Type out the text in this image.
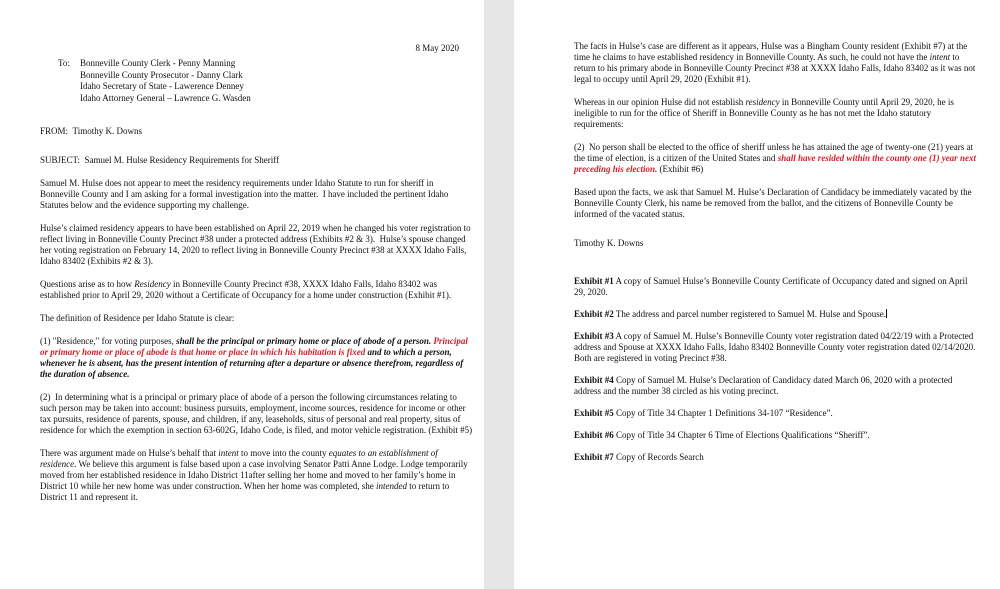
8 May 2020
To:	Bonneville County Clerk - Penny Manning
Bonneville County Prosecutor - Danny Clark
Idaho Secretary of State - Lawerence Denney
Idaho Attorney General – Lawrence G. Wasden
FROM:  Timothy K. Downs
SUBJECT:  Samuel M. Hulse Residency Requirements for Sheriff

Samuel M. Hulse does not appear to meet the residency requirements under Idaho Statute to run for sheriff in Bonneville County and I am asking for a formal investigation into the matter.  I have included the pertinent Idaho Statutes below and the evidence supporting my challenge.

Hulse’s claimed residency appears to have been established on April 22, 2019 when he changed his voter registration to reflect living in Bonneville County Precinct #38 under a protected address (Exhibits #2 & 3).  Hulse’s spouse changed her voting registration on February 14, 2020 to reflect living in Bonneville County Precinct #38 at XXXX Idaho Falls, Idaho 83402 (Exhibits #2 & 3).

Questions arise as to how Residency in Bonneville County Precinct #38, XXXX Idaho Falls, Idaho 83402 was established prior to April 29, 2020 without a Certificate of Occupancy for a home under construction (Exhibit #1).

The definition of Residence per Idaho Statute is clear:

(1) "Residence," for voting purposes, shall be the principal or primary home or place of abode of a person. Principal or primary home or place of abode is that home or place in which his habitation is fixed and to which a person, whenever he is absent, has the present intention of returning after a departure or absence therefrom, regardless of the duration of absence.

(2)  In determining what is a principal or primary place of abode of a person the following circumstances relating to such person may be taken into account: business pursuits, employment, income sources, residence for income or other tax pursuits, residence of parents, spouse, and children, if any, leaseholds, situs of personal and real property, situs of residence for which the exemption in section 63-602G, Idaho Code, is filed, and motor vehicle registration. (Exhibit #5)

There was argument made on Hulse’s behalf that intent to move into the county equates to an establishment of residence. We believe this argument is false based upon a case involving Senator Patti Anne Lodge. Lodge temporarily moved from her established residence in Idaho District 11after selling her home and moved to her family’s home in District 10 while her new home was under construction. When her home was completed, she intended to return to District 11 and represent it.

The facts in Hulse’s case are different as it appears, Hulse was a Bingham County resident (Exhibit #7) at the time he claims to have established residency in Bonneville County. As such, he could not have the intent to return to his primary abode in Bonneville County Precinct #38 at XXXX Idaho Falls, Idaho 83402 as it was not legal to occupy until April 29, 2020 (Exhibit #1).

Whereas in our opinion Hulse did not establish residency in Bonneville County until April 29, 2020, he is ineligible to run for the office of Sheriff in Bonneville County as he has not met the Idaho statutory requirements:

(2)  No person shall be elected to the office of sheriff unless he has attained the age of twenty-one (21) years at the time of election, is a citizen of the United States and shall have resided within the county one (1) year next preceding his election. (Exhibit #6)

Based upon the facts, we ask that Samuel M. Hulse’s Declaration of Candidacy be immediately vacated by the Bonneville County Clerk, his name be removed from the ballot, and the citizens of Bonneville County be informed of the vacated status.

Timothy K. Downs
Exhibit #1 A copy of Samuel Hulse’s Bonneville County Certificate of Occupancy dated and signed on April 29, 2020.
Exhibit #2 The address and parcel number registered to Samuel M. Hulse and Spouse.
Exhibit #3 A copy of Samuel M. Hulse’s Bonneville County voter registration dated 04/22/19 with a Protected address and Spouse at XXXX Idaho Falls, Idaho 83402 Bonneville County voter registration dated 02/14/2020.  Both are registered in voting Precinct #38.
Exhibit #4 Copy of Samuel M. Hulse’s Declaration of Candidacy dated March 06, 2020 with a protected address and the number 38 circled as his voting precinct.
Exhibit #5 Copy of Title 34 Chapter 1 Definitions 34-107 “Residence”.
Exhibit #6 Copy of Title 34 Chapter 6 Time of Elections Qualifications “Sheriff”.
Exhibit #7 Copy of Records Search
